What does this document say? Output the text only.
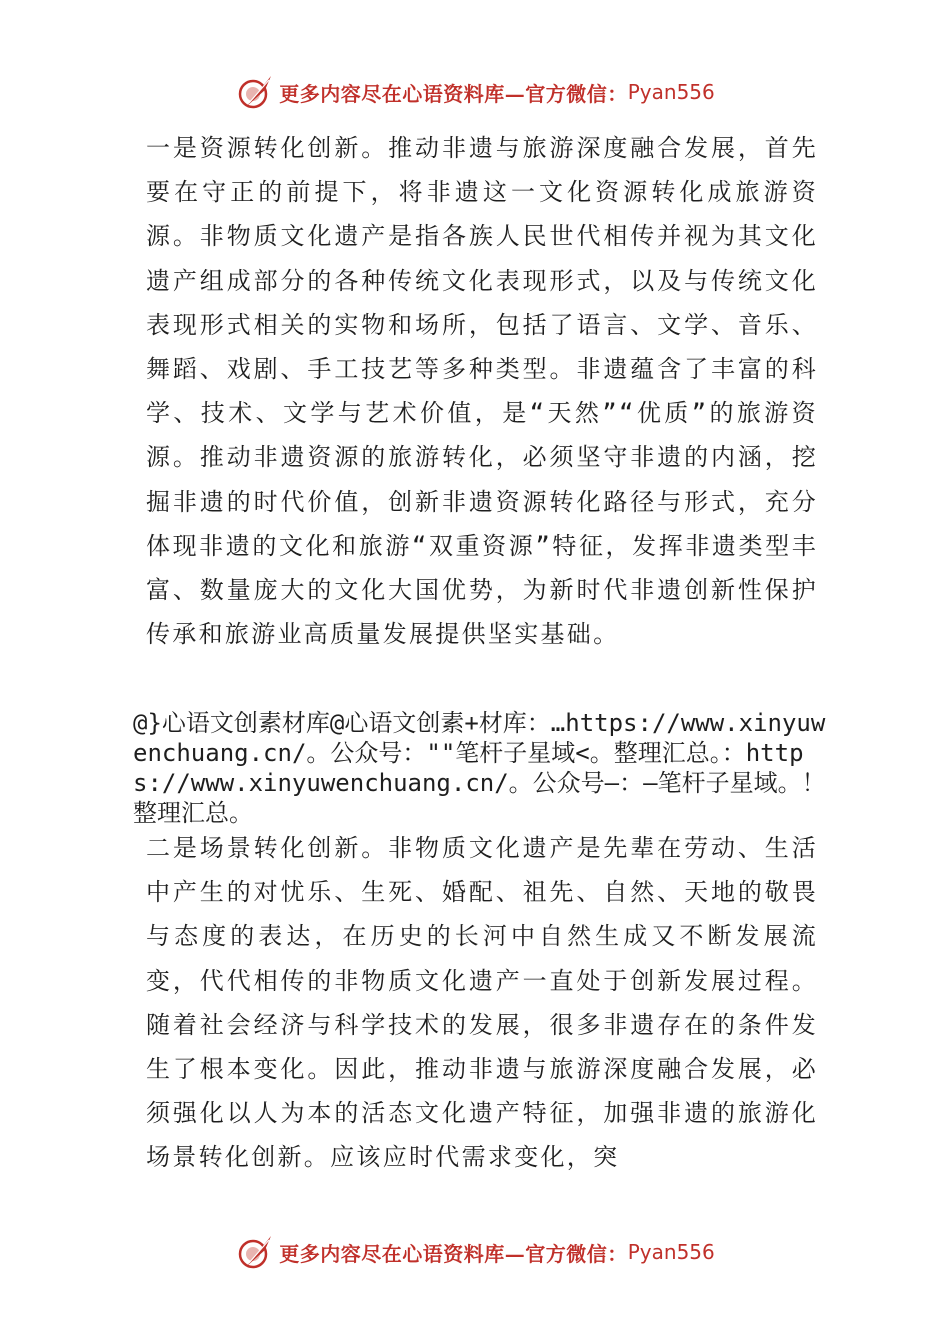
更多内容尽在心语资料库—官方微信： Pyan556

一是资源转化创新。推动非遗与旅游深度融合发展，首先要在守正的前提下，将非遗这一文化资源转化成旅游资源。非物质文化遗产是指各族人民世代相传并视为其文化遗产组成部分的各种传统文化表现形式，以及与传统文化表现形式相关的实物和场所，包括了语言、文学、音乐、舞蹈、戏剧、手工技艺等多种类型。非遗蕴含了丰富的科学、技术、文学与艺术价值，是“天然”“优质”的旅游资源。推动非遗资源的旅游转化，必须坚守非遗的内涵，挖掘非遗的时代价值，创新非遗资源转化路径与形式，充分体现非遗的文化和旅游“双重资源”特征，发挥非遗类型丰富、数量庞大的文化大国优势，为新时代非遗创新性保护传承和旅游业高质量发展提供坚实基础。

@}心语文创素材库@心语文创素+材库：…https://www.xinyuwenchuang.cn/。公众号：""笔杆子星域<。整理汇总。：https://www.xinyuwenchuang.cn/。公众号—：—笔杆子星域。！整理汇总。

二是场景转化创新。非物质文化遗产是先辈在劳动、生活中产生的对忧乐、生死、婚配、祖先、自然、天地的敬畏与态度的表达，在历史的长河中自然生成又不断发展流变，代代相传的非物质文化遗产一直处于创新发展过程。随着社会经济与科学技术的发展，很多非遗存在的条件发生了根本变化。因此，推动非遗与旅游深度融合发展，必须强化以人为本的活态文化遗产特征，加强非遗的旅游化场景转化创新。应该应时代需求变化，突

更多内容尽在心语资料库—官方微信： Pyan556
